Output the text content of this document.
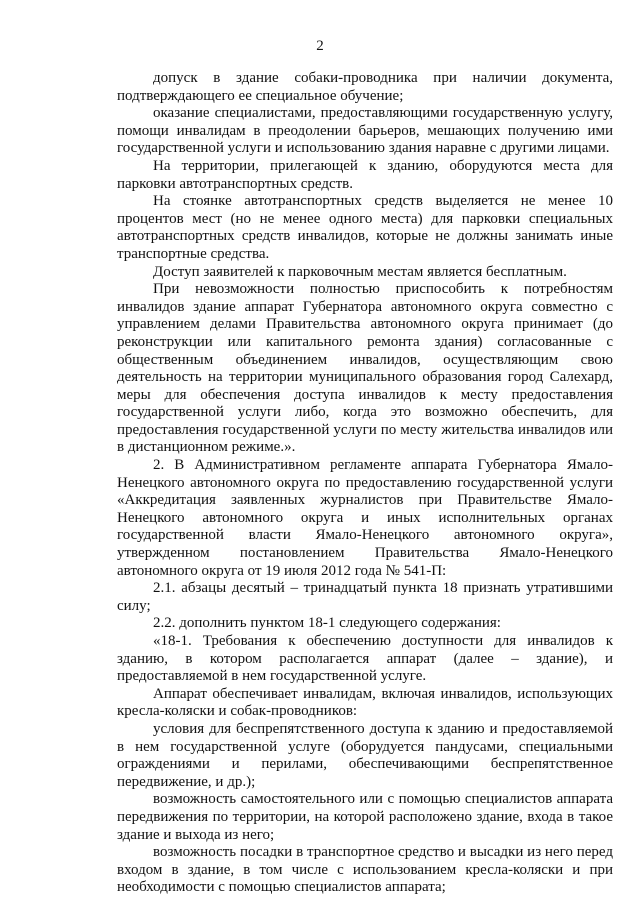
2

допуск в здание собаки-проводника при наличии документа, подтверждающего ее специальное обучение;

оказание специалистами, предоставляющими государственную услугу, помощи инвалидам в преодолении барьеров, мешающих получению ими государственной услуги и использованию здания наравне с другими лицами.

На территории, прилегающей к зданию, оборудуются места для парковки автотранспортных средств.

На стоянке автотранспортных средств выделяется не менее 10 процентов мест (но не менее одного места) для парковки специальных автотранспортных средств инвалидов, которые не должны занимать иные транспортные средства.

Доступ заявителей к парковочным местам является бесплатным.

При невозможности полностью приспособить к потребностям инвалидов здание аппарат Губернатора автономного округа совместно с управлением делами Правительства автономного округа принимает (до реконструкции или капитального ремонта здания) согласованные с общественным объединением инвалидов, осуществляющим свою деятельность на территории муниципального образования город Салехард, меры для обеспечения доступа инвалидов к месту предоставления государственной услуги либо, когда это возможно обеспечить, для предоставления государственной услуги по месту жительства инвалидов или в дистанционном режиме.».

2. В Административном регламенте аппарата Губернатора Ямало-Ненецкого автономного округа по предоставлению государственной услуги «Аккредитация заявленных журналистов при Правительстве Ямало-Ненецкого автономного округа и иных исполнительных органах государственной власти Ямало-Ненецкого автономного округа», утвержденном постановлением Правительства Ямало-Ненецкого автономного округа от 19 июля 2012 года № 541-П:

2.1. абзацы десятый – тринадцатый пункта 18 признать утратившими силу;

2.2. дополнить пунктом 18-1 следующего содержания:

«18-1. Требования к обеспечению доступности для инвалидов к зданию, в котором располагается аппарат (далее – здание), и предоставляемой в нем государственной услуге.

Аппарат обеспечивает инвалидам, включая инвалидов, использующих кресла-коляски и собак-проводников:

условия для беспрепятственного доступа к зданию и предоставляемой в нем государственной услуге (оборудуется пандусами, специальными ограждениями и перилами, обеспечивающими беспрепятственное передвижение, и др.);

возможность самостоятельного или с помощью специалистов аппарата передвижения по территории, на которой расположено здание, входа в такое здание и выхода из него;

возможность посадки в транспортное средство и высадки из него перед входом в здание, в том числе с использованием кресла-коляски и при необходимости с помощью специалистов аппарата;
